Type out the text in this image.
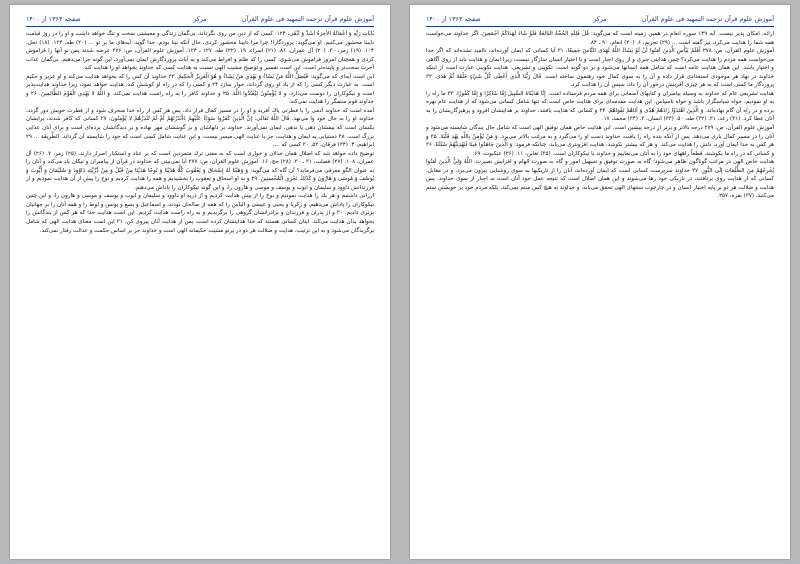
آموزش علوم قرآن ترجمه التمهيد فى علوم القرآن
مركز
صفحه ۱۳۶۴ از ۱۴۰۰

بٰايٰاتِ رَبِّهِ وَ أَعْمَالَهُ الأَخِرَةُ أَشَدُّ وَ أَبْقَى. ۱۲۴. كسى كه از دين من روى بگرداند، بى‌گمان زندگى و معيشتى سخت و تنگ خواهد داشت و او را در روز قيامت نابينا محشور مى‌كنيم. او مى‌گويد: پروردگارا! چرا مرا نابينا محشور كردى، حال آنكه بينا بودم. خدا گويد: آيه‌هاى ما بر تو ... (۲۰) طه، ۱۲۴. (۱۸) نحل، ۱۰۴. (۱۹) زمر، ۳۰. (۲۰) آل عمران، ۸۶. (۲۱) اسراء، ۱۹. (۲۲) طه، ۱۲۷ ـ ۱۲۴. آموزش علوم القرآن، ص: ۲۷۶ عرضه شدند پس تو آنها را فراموش كردى و همچنان امروز فراموش مى‌شوى. كسى را كه ظلم و افراط مى‌كند و به آيات پروردگارش ايمان نمى‌آورد، اين گونه جزا مى‌دهيم. بى‌گمان عذاب آخرت سخت‌تر و پاينده‌تر است. اين است تفسير و توضيح مشيت الهى نسبت به هدايت كسى كه خداوند بخواهد او را هدايت كند.

اين است آيه‌اى كه مى‌گويد: فَيُضِلُّ اللَّهُ مَنْ يَشَاءُ وَ يَهْدِي مَنْ يَشَاءُ وَ هُوَ الْعَزِيزُ الْحَكِيمُ. ۲۳ خداوند آن كس را كه بخواهد هدايت مى‌كند و او عزيز و حكيم است. به عبارت ديگر كسى را كه از ياد او روى گرداند، خوار سازد ۲۴ و كسى را كه در راه او كوشش كند، هدايت خواهد نمود، زيرا خداوند هدايت‌پذير است و نيكوكاران را دوست مى‌دارد. و لا يُؤْمِنُونَ لِيُعْبُدُوا اللَّهَ. ۲۵ و خداوند كافر را به راه راست هدايت نمى‌كند. وَ اللَّهُ لا يَهْدِي الْقَوْمَ الظَّالِمِينَ. ۲۶ و خداوند قوم ستمگر را هدايت نمى‌كند.

آمده است كه خداوند آدمى را با فطرتى پاك آفريد و او را در مسير كمال قرار داد، پس هر كس از راه خدا منحرف شود و از فطرت خويش دور گردد، خداوند او را به حال خود وا مى‌نهد. قَالَ اللَّهُ تَعَالَى: إِنَّ الَّذِينَ كَفَرُوا سَوَاءٌ عَلَيْهِمْ ءَأَنْذَرْتَهُمْ أَمْ لَمْ تُنْذِرْهُمْ لا يُؤْمِنُونَ. ۲۷ كسانى كه كافر شدند، برايشان يكسان است كه بيمشان دهى يا ندهى، ايمان نمى‌آورند. خداوند بر دلهاشان و بر گوششان مهر نهاده و بر ديدگانشان پرده‌اى است و براى آنان عذابى بزرگ است. ۲۸ دستيابى به ايمان و هدايت، جز با عنايت الهى ميسر نيست، و اين عنايت شامل كسى است كه خود را شايسته آن گرداند. الطَّرِيقَةِ ... ۲۹ ابراهيم، ۴. (۲۴) فرقان، ۵۲. ۳۰ كسى كه ....

توضيح داده خواهد شد كه اضلال همان خذلان و خوارى است كه به معنى ترك متمردين است كه بر عناد و استكبار اصرار دارند. (۲۵) زمر، ۷. (۲۶) آل عمران، ۱۰۸. (۲۷) فصلت، ۳۱ ـ ۳۰. (۲۸) حج، ۱۶. آموزش علوم القرآن، ص: ۲۷۷ آيا نمى‌بينى كه خداوند در قرآن از پيامبران و نيكان ياد مى‌كند و آنان را به عنوان الگو معرفى مى‌فرمايد؟ آن گاه كه مى‌گويد: وَ وَهَبْنَا لَهُ إِسْحَاقَ وَ يَعْقُوبَ كُلًّا هَدَيْنَا وَ نُوحًا هَدَيْنَا مِنْ قَبْلُ وَ مِنْ ذُرِّيَّتِهِ دَاوُودَ وَ سُلَيْمَانَ وَ أَيُّوبَ وَ يُوسُفَ وَ مُوسَى وَ هَارُونَ وَ كَذَلِكَ نَجْزِي الْمُحْسِنِينَ. ۲۹ و به او اسحاق و يعقوب را بخشيديم و همه را هدايت كرديم و نوح را پيش از آن هدايت نموديم و از فرزندانش داوود و سليمان و ايوب و يوسف و موسى و هارون را، و اين گونه نيكوكاران را پاداش مى‌دهيم.

ارزانى داشتيم و هر يك را هدايت نموديم و نوح را از پيش هدايت كرديم و از ذريه او داوود و سليمان و ايوب و يوسف و موسى و هارون را، و اين چنين نيكوكاران را پاداش مى‌دهيم، و زكريا و يحيى و عيسى و الياس را كه همه از صالحان بودند، و اسماعيل و يسع و يونس و لوط را و همه آنان را بر جهانيان برترى داديم. ۳۰ و از پدران و فرزندان و برادرانشان گروهى را برگزيديم و به راه راست هدايت كرديم. اين است هدايت خدا كه هر كس از بندگانش را بخواهد بدان هدايت مى‌كند. اينان كسانى هستند كه خدا هدايتشان كرده است، پس از هدايت آنان پيروى كن. ۳۱ اين است معناى هدايت الهى كه شامل برگزيدگان مى‌شود و به اين ترتيب، هدايت و ضلالت هر دو در پرتو مشيت حكيمانه الهى است و خداوند جز بر اساس حكمت و عدالت رفتار نمى‌كند.

آموزش علوم قرآن ترجمه التمهيد فى علوم القرآن
مركز
صفحه ۱۳۶۳ از ۱۴۰۰

ارائه، امكان پذير نيست. آيه ۱۴۹ سوره انعام در همين زمينه است كه مى‌گويد: قُلْ فَلِلَّهِ الْحُجَّةُ الْبَالِغَةُ فَلَوْ شَاءَ لَهَدَاكُمْ أَجْمَعِينَ. اگر خداوند مى‌خواست همه شما را هدايت مى‌كرد، نيز گفته است ... (۲۹) تحريم، ۶. (۳۰) انعام، ۹۰ ـ ۸۴.

آموزش علوم القرآن، ص: ۲۷۸ أَفَلَمْ يَيْأَسِ الَّذِينَ آمَنُوا أَنْ لَوْ يَشَاءُ اللَّهُ لَهَدَى النَّاسَ جَمِيعًا. ۳۱ آيا كسانى كه ايمان آورده‌اند، نااميد نشده‌اند كه اگر خدا مى‌خواست همه مردم را هدايت مى‌كرد؟ چنين هدايتى جبرى و از روى اجبار است و با اختيار انسان سازگار نيست، زيرا ايمان و هدايت بايد از روى آگاهى و اختيار باشد. اين همان هدايت عامه است كه شامل همه انسانها مى‌شود و بر دو گونه است: تكوينى و تشريعى. هدايت تكوينى عبارت است از اينكه خداوند در نهاد هر موجودى استعدادى قرار داده و آن را به سوى كمال خود رهنمون ساخته است. قَالَ رَبُّنَا الَّذِي أَعْطَى كُلَّ شَيْءٍ خَلْقَهُ ثُمَّ هَدَى. ۳۲ پروردگار ما كسى است كه به هر چيزى آفرينش درخور آن را داد، سپس آن را هدايت كرد.

هدايت تشريعى عام كه خداوند به وسيله پيامبران و كتابهاى آسمانى براى همه مردم فرستاده است. إِنَّا هَدَيْنَاهُ السَّبِيلَ إِمَّا شَاكِرًا وَ إِمَّا كَفُورًا. ۳۳ ما راه را به او نموديم، خواه سپاسگزار باشد و خواه ناسپاس. اين هدايت مقدمه‌اى براى هدايت خاص است كه تنها شامل كسانى مى‌شود كه از هدايت عام بهره برده و در راه آن گام نهاده‌اند. وَ الَّذِينَ اهْتَدَوْا زَادَهُمْ هُدًى وَ آتَاهُمْ تَقْوَاهُمْ. ۳۴ و كسانى كه هدايت يافتند، خداوند بر هدايتشان افزود و پرهيزگاريشان را به آنان عطا كرد. (۳۱) رعد، ۳۱. (۳۲) طه، ۵۰. (۳۳) انسان، ۳. (۳۴) محمد، ۱۷.

آموزش علوم القرآن، ص: ۲۷۹ درجه بالاتر و برتر از درجه پيشين است. اين هدايت خاص همان توفيق الهى است كه شامل حال بندگان شايسته مى‌شود و آنان را در مسير كمال يارى مى‌دهد. پس از آنكه بنده راه را يافت، خداوند دست او را مى‌گيرد و به مراتب بالاتر مى‌برد. وَ مَنْ يُؤْمِنْ بِاللَّهِ يَهْدِ قَلْبَهُ. ۳۵ و هر كس به خدا ايمان آورد، دلش را هدايت مى‌كند. و هر كه بيشتر بكوشد، هدايت افزونترى مى‌يابد، چنانكه فرمود: وَ الَّذِينَ جَاهَدُوا فِينَا لَنَهْدِيَنَّهُمْ سُبُلَنَا. ۳۶ و كسانى كه در راه ما بكوشند، قطعاً راههاى خود را به آنان مى‌نماييم و خداوند با نيكوكاران است. (۳۵) تغابن، ۱۱. (۳۶) عنكبوت، ۶۹.

هدايت خاص الهى در مراتب گوناگون ظاهر مى‌شود؛ گاه به صورت توفيق و تسهيل امور و گاه به صورت الهام و افزايش بصيرت. اللَّهُ وَلِيُّ الَّذِينَ آمَنُوا يُخْرِجُهُمْ مِنَ الظُّلُمَاتِ إِلَى النُّورِ. ۳۷ خداوند سرپرست كسانى است كه ايمان آورده‌اند، آنان را از تاريكيها به سوى روشنايى بيرون مى‌برد. و در مقابل، كسانى كه از هدايت روى برتافتند، در تاريكى خود رها مى‌شوند و اين همان اضلال است كه نتيجه عمل خود آنان است نه اجبار از سوى خداوند. پس هدايت و ضلالت هر دو بر پايه اختيار انسان و در چارچوب سنتهاى الهى تحقق مى‌يابد، و خداوند به هيچ كس ستم نمى‌كند، بلكه مردم خود بر خويشتن ستم مى‌كنند. (۳۷) بقره، ۲۵۷.
